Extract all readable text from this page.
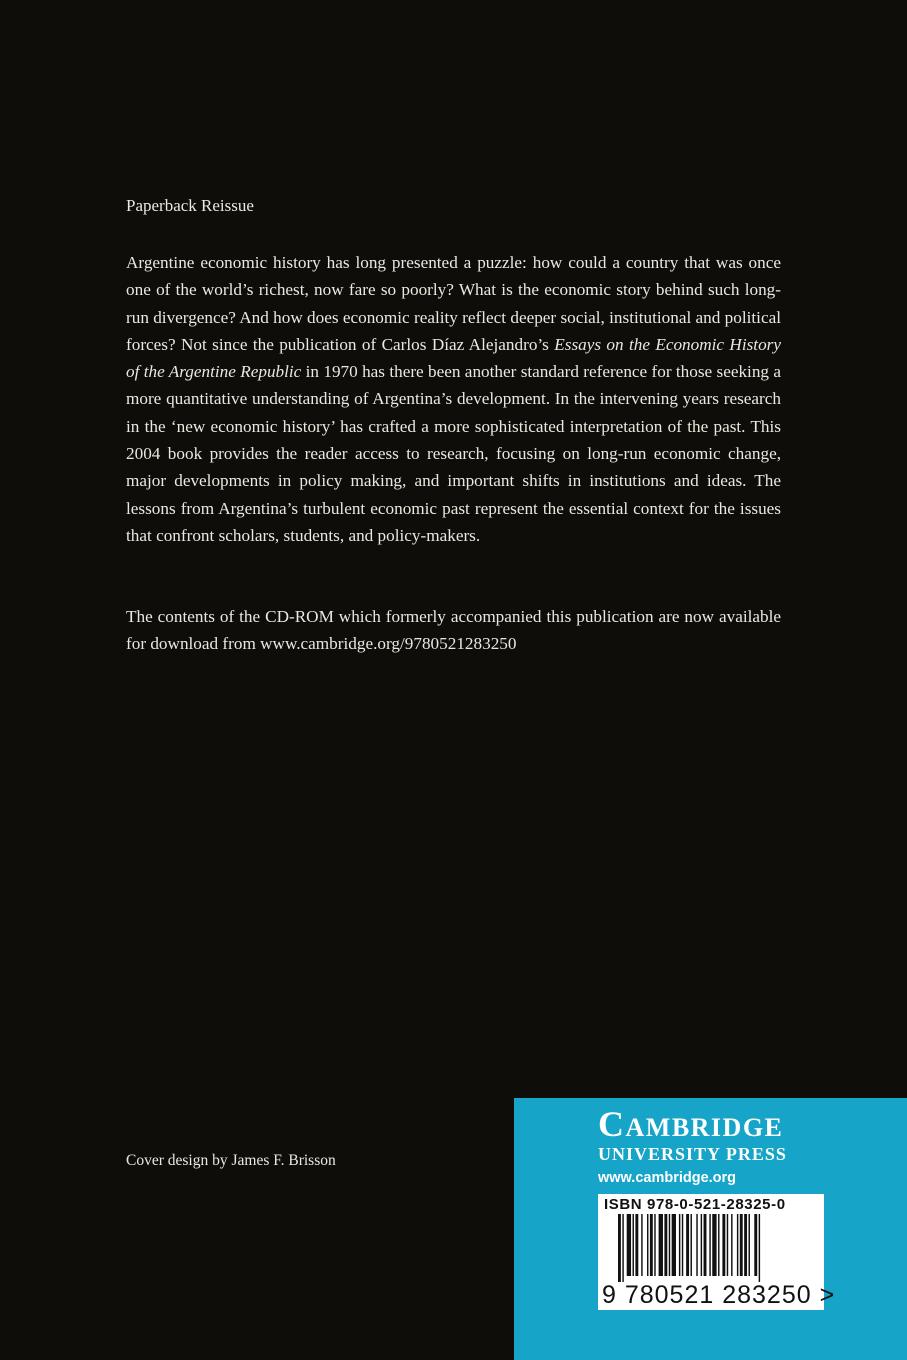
Paperback Reissue

Argentine economic history has long presented a puzzle: how could a country that was once one of the world’s richest, now fare so poorly? What is the economic story behind such long-run divergence? And how does economic reality reflect deeper social, institutional and political forces? Not since the publication of Carlos Díaz Alejandro’s Essays on the Economic History of the Argentine Republic in 1970 has there been another standard reference for those seeking a more quantitative understanding of Argentina’s development. In the intervening years research in the ‘new economic history’ has crafted a more sophisticated interpretation of the past. This 2004 book provides the reader access to research, focusing on long-run economic change, major developments in policy making, and important shifts in institutions and ideas. The lessons from Argentina’s turbulent economic past represent the essential context for the issues that confront scholars, students, and policy-makers.

The contents of the CD-ROM which formerly accompanied this publication are now available for download from www.cambridge.org/9780521283250

Cover design by James F. Brisson
CAMBRIDGE
UNIVERSITY PRESS
www.cambridge.org
ISBN 978-0-521-28325-0
9 780521 283250 >
